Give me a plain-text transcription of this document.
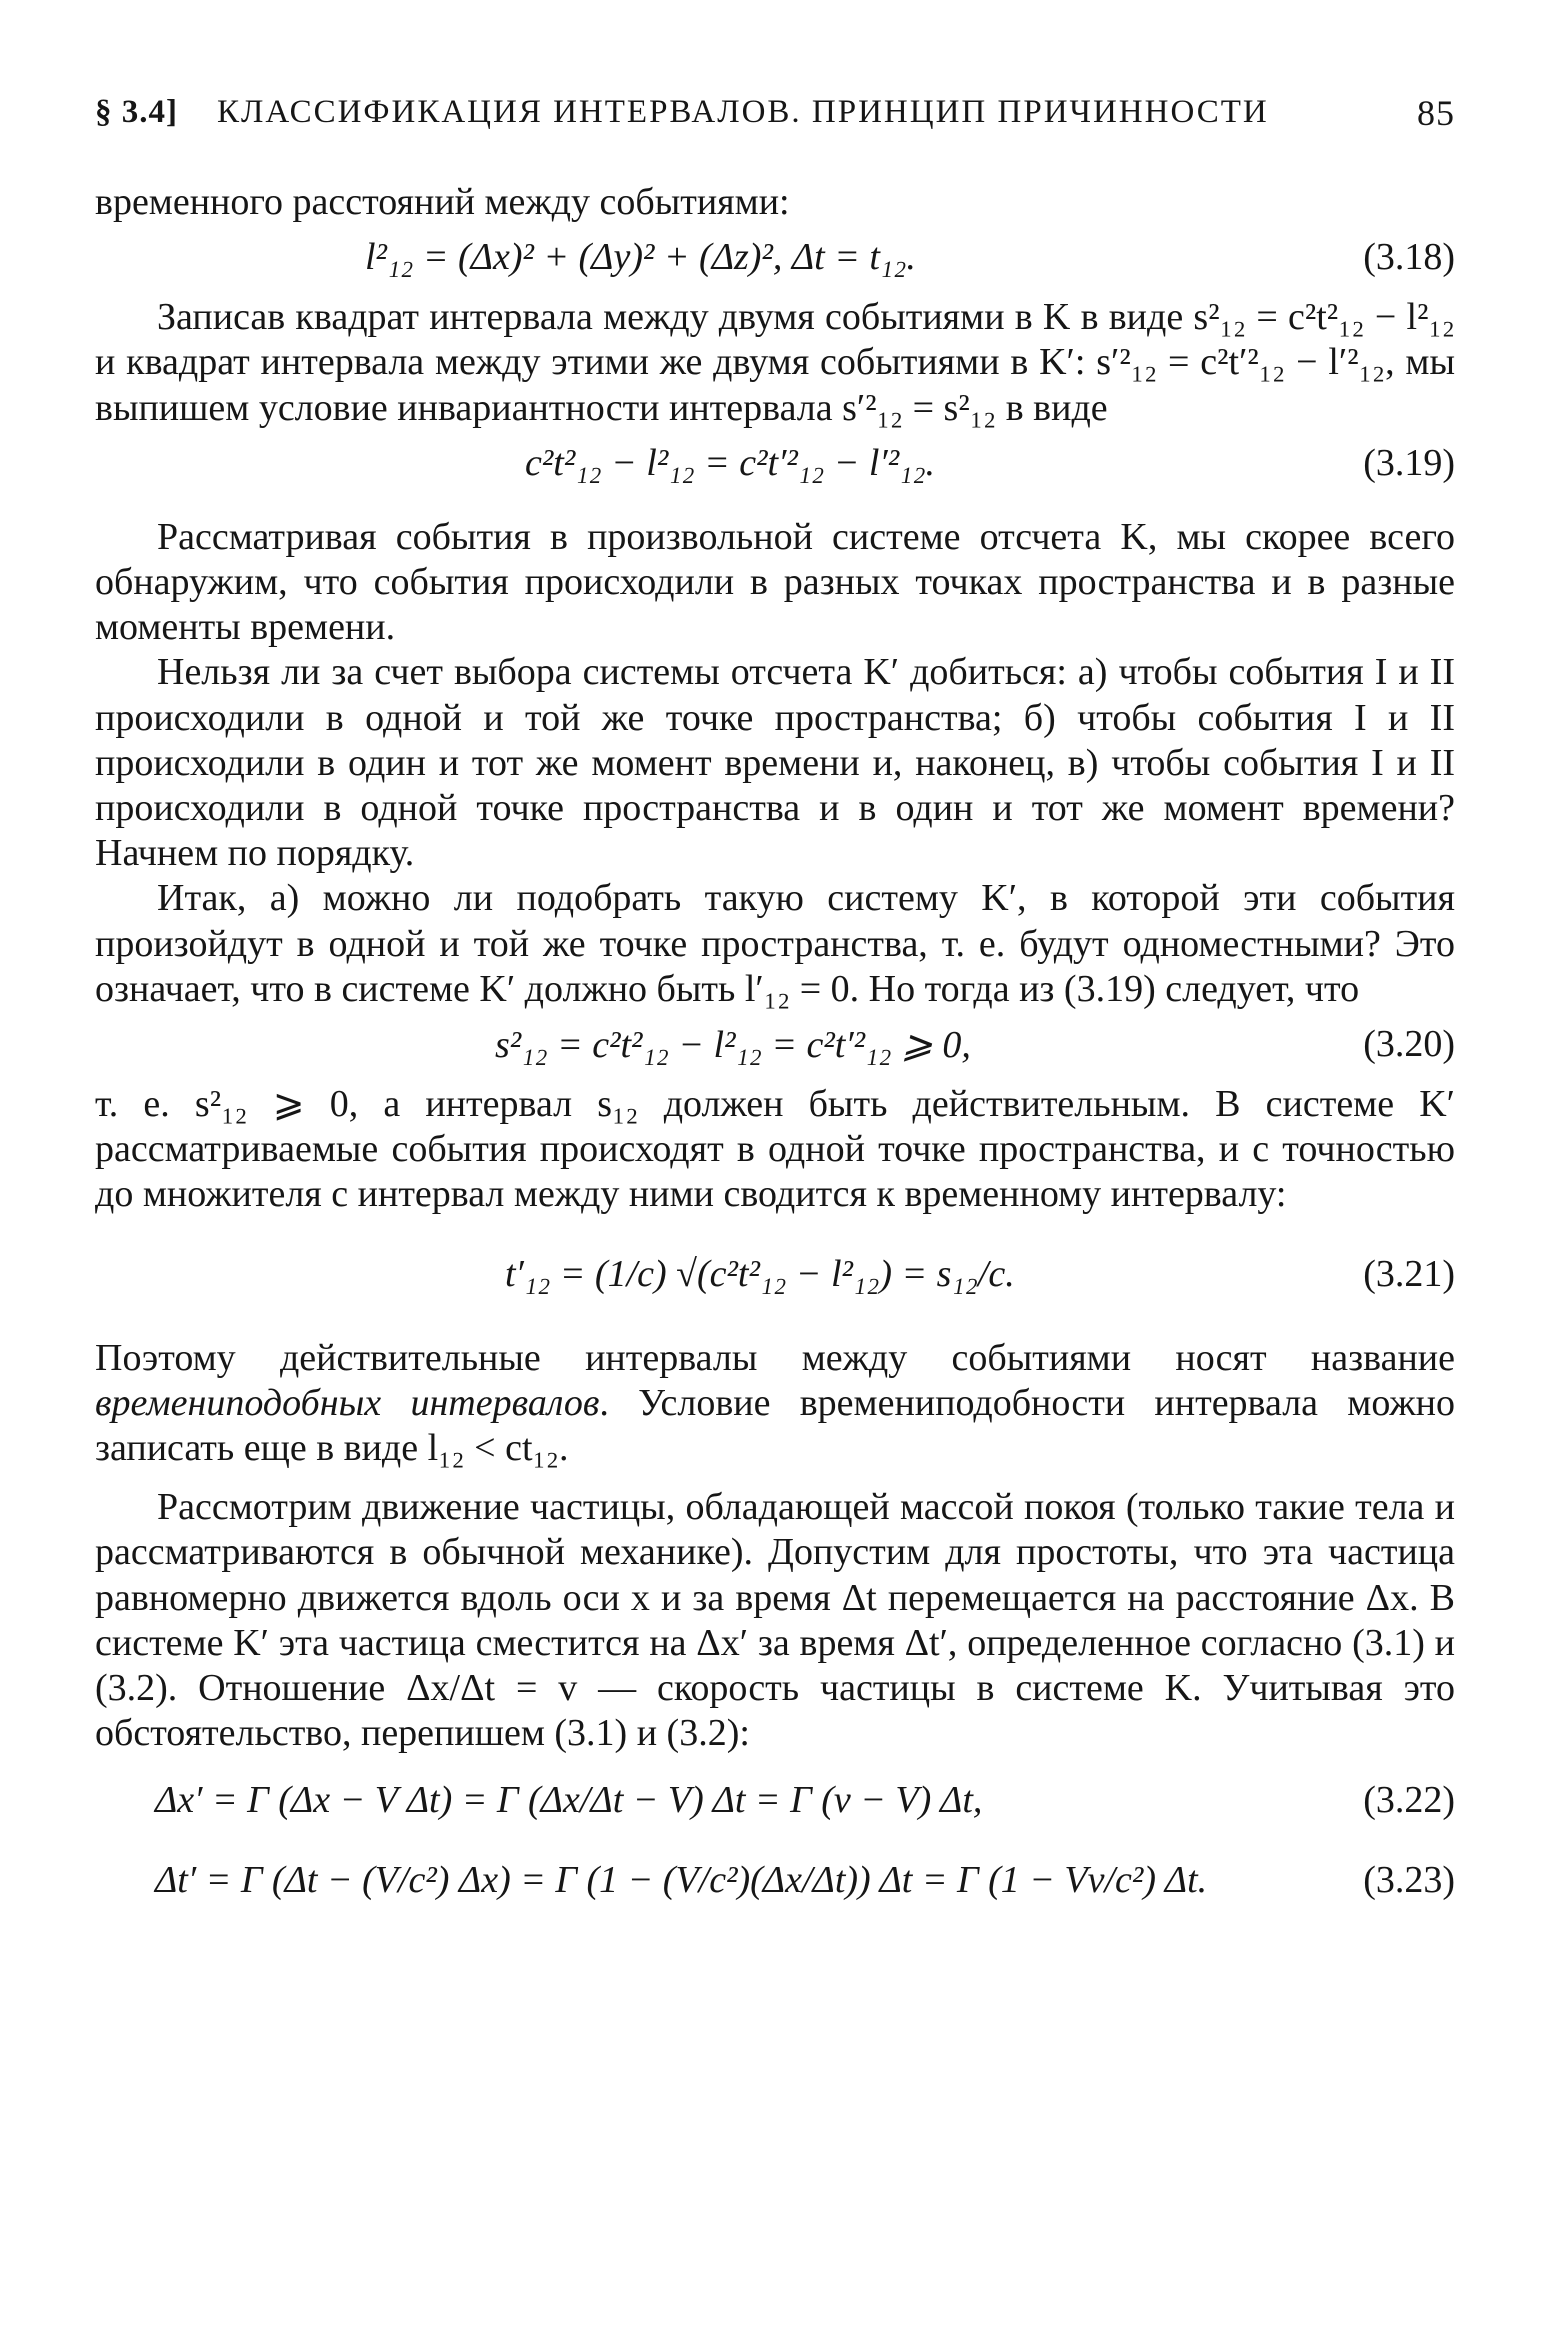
§ 3.4] КЛАССИФИКАЦИЯ ИНТЕРВАЛОВ. ПРИНЦИП ПРИЧИННОСТИ	85

временного расстояний между событиями:

l²₁₂ = (Δx)² + (Δy)² + (Δz)², Δt = t₁₂.	(3.18)

Записав квадрат интервала между двумя событиями в K в виде s²₁₂ = c²t²₁₂ − l²₁₂ и квадрат интервала между этими же двумя событиями в K′: s′²₁₂ = c²t′²₁₂ − l′²₁₂, мы выпишем условие инвариантности интервала s′²₁₂ = s²₁₂ в виде

c²t²₁₂ − l²₁₂ = c²t′²₁₂ − l′²₁₂.	(3.19)

Рассматривая события в произвольной системе отсчета K, мы скорее всего обнаружим, что события происходили в разных точках пространства и в разные моменты времени.

Нельзя ли за счет выбора системы отсчета K′ добиться: а) чтобы события I и II происходили в одной и той же точке пространства; б) чтобы события I и II происходили в один и тот же момент времени и, наконец, в) чтобы события I и II происходили в одной точке пространства и в один и тот же момент времени? Начнем по порядку.

Итак, а) можно ли подобрать такую систему K′, в которой эти события произойдут в одной и той же точке пространства, т. е. будут одноместными? Это означает, что в системе K′ должно быть l′₁₂ = 0. Но тогда из (3.19) следует, что

s²₁₂ = c²t²₁₂ − l²₁₂ = c²t′²₁₂ ⩾ 0,	(3.20)

т. е. s²₁₂ ⩾ 0, а интервал s₁₂ должен быть действительным. В системе K′ рассматриваемые события происходят в одной точке пространства, и с точностью до множителя c интервал между ними сводится к временному интервалу:

t′₁₂ = (1/c) √(c²t²₁₂ − l²₁₂) = s₁₂/c.	(3.21)

Поэтому действительные интервалы между событиями носят название времениподобных интервалов. Условие времениподобности интервала можно записать еще в виде l₁₂ < ct₁₂.

Рассмотрим движение частицы, обладающей массой покоя (только такие тела и рассматриваются в обычной механике). Допустим для простоты, что эта частица равномерно движется вдоль оси x и за время Δt перемещается на расстояние Δx. В системе K′ эта частица сместится на Δx′ за время Δt′, определенное согласно (3.1) и (3.2). Отношение Δx/Δt = v — скорость частицы в системе K. Учитывая это обстоятельство, перепишем (3.1) и (3.2):

Δx′ = Γ (Δx − V Δt) = Γ (Δx/Δt − V) Δt = Γ (v − V) Δt,	(3.22)
Δt′ = Γ (Δt − (V/c²) Δx) = Γ (1 − (V/c²)(Δx/Δt)) Δt = Γ (1 − Vv/c²) Δt.	(3.23)
